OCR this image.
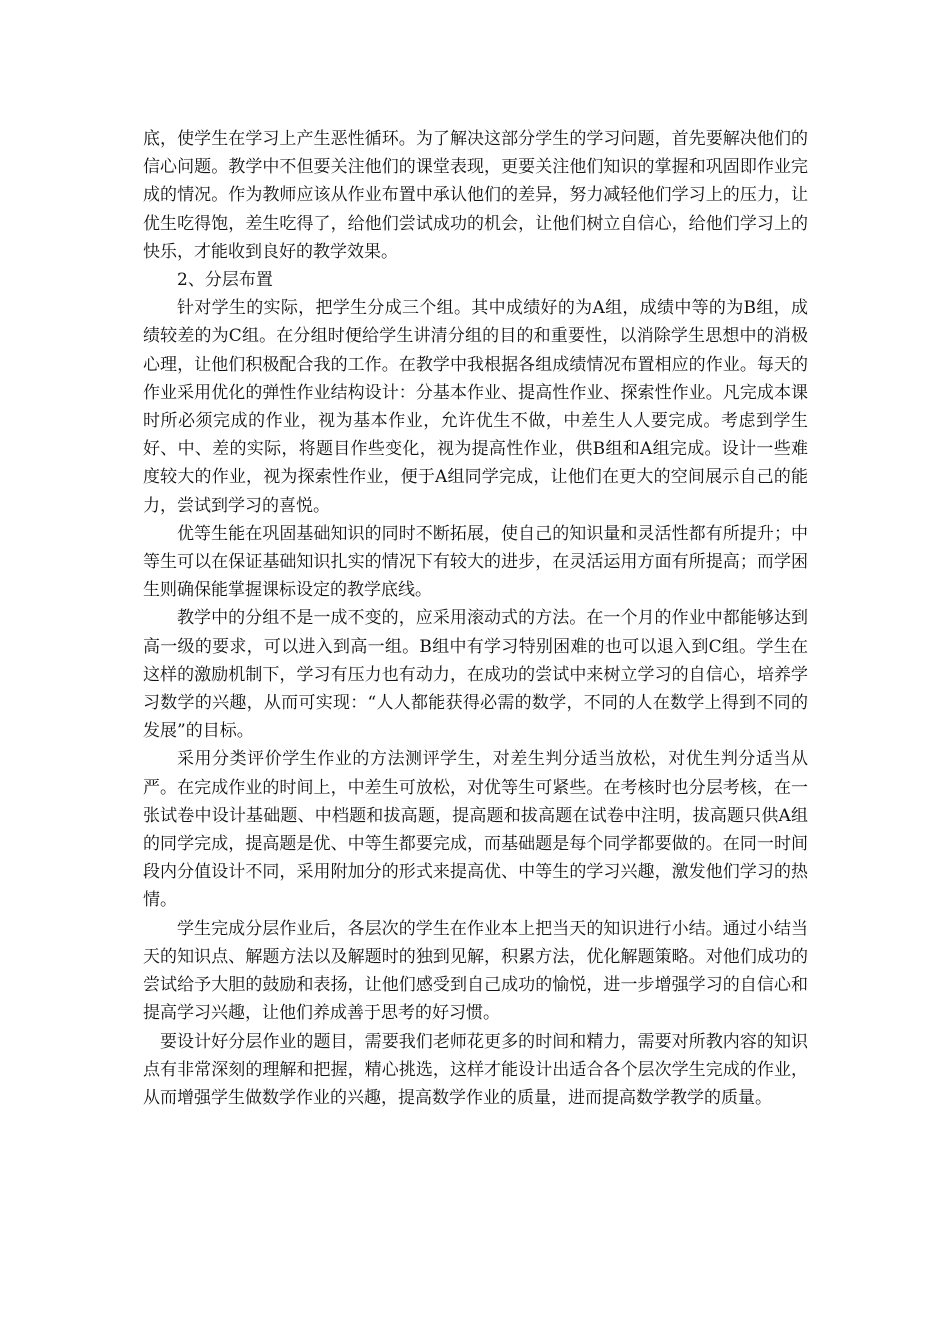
底，使学生在学习上产生恶性循环。为了解决这部分学生的学习问题，首先要解决他们的信心问题。教学中不但要关注他们的课堂表现，更要关注他们知识的掌握和巩固即作业完成的情况。作为教师应该从作业布置中承认他们的差异，努力减轻他们学习上的压力，让优生吃得饱，差生吃得了，给他们尝试成功的机会，让他们树立自信心，给他们学习上的快乐，才能收到良好的教学效果。

2、分层布置

针对学生的实际，把学生分成三个组。其中成绩好的为A组，成绩中等的为B组，成绩较差的为C组。在分组时便给学生讲清分组的目的和重要性，以消除学生思想中的消极心理，让他们积极配合我的工作。在教学中我根据各组成绩情况布置相应的作业。每天的作业采用优化的弹性作业结构设计：分基本作业、提高性作业、探索性作业。凡完成本课时所必须完成的作业，视为基本作业，允许优生不做，中差生人人要完成。考虑到学生好、中、差的实际，将题目作些变化，视为提高性作业，供B组和A组完成。设计一些难度较大的作业，视为探索性作业，便于A组同学完成，让他们在更大的空间展示自己的能力，尝试到学习的喜悦。

优等生能在巩固基础知识的同时不断拓展，使自己的知识量和灵活性都有所提升；中等生可以在保证基础知识扎实的情况下有较大的进步，在灵活运用方面有所提高；而学困生则确保能掌握课标设定的教学底线。

教学中的分组不是一成不变的，应采用滚动式的方法。在一个月的作业中都能够达到高一级的要求，可以进入到高一组。B组中有学习特别困难的也可以退入到C组。学生在这样的激励机制下，学习有压力也有动力，在成功的尝试中来树立学习的自信心，培养学习数学的兴趣，从而可实现：“人人都能获得必需的数学，不同的人在数学上得到不同的发展”的目标。

采用分类评价学生作业的方法测评学生，对差生判分适当放松，对优生判分适当从严。在完成作业的时间上，中差生可放松，对优等生可紧些。在考核时也分层考核，在一张试卷中设计基础题、中档题和拔高题，提高题和拔高题在试卷中注明，拔高题只供A组的同学完成，提高题是优、中等生都要完成，而基础题是每个同学都要做的。在同一时间段内分值设计不同，采用附加分的形式来提高优、中等生的学习兴趣，激发他们学习的热情。

学生完成分层作业后，各层次的学生在作业本上把当天的知识进行小结。通过小结当天的知识点、解题方法以及解题时的独到见解，积累方法，优化解题策略。对他们成功的尝试给予大胆的鼓励和表扬，让他们感受到自己成功的愉悦，进一步增强学习的自信心和提高学习兴趣，让他们养成善于思考的好习惯。

要设计好分层作业的题目，需要我们老师花更多的时间和精力，需要对所教内容的知识点有非常深刻的理解和把握，精心挑选，这样才能设计出适合各个层次学生完成的作业，从而增强学生做数学作业的兴趣，提高数学作业的质量，进而提高数学教学的质量。
